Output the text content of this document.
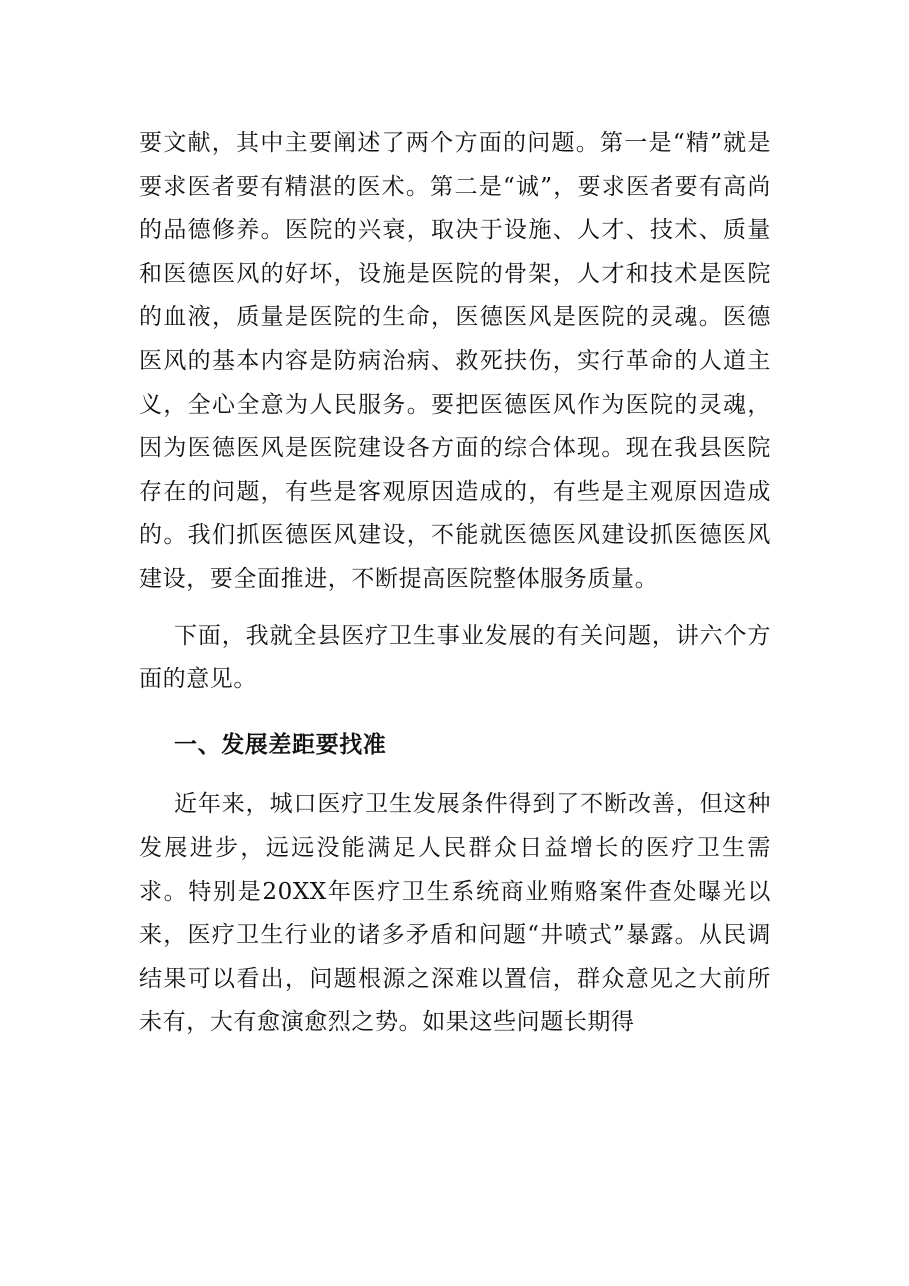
要文献，其中主要阐述了两个方面的问题。第一是“精”就是要求医者要有精湛的医术。第二是“诚”，要求医者要有高尚的品德修养。医院的兴衰，取决于设施、人才、技术、质量和医德医风的好坏，设施是医院的骨架，人才和技术是医院的血液，质量是医院的生命，医德医风是医院的灵魂。医德医风的基本内容是防病治病、救死扶伤，实行革命的人道主义，全心全意为人民服务。要把医德医风作为医院的灵魂，因为医德医风是医院建设各方面的综合体现。现在我县医院存在的问题，有些是客观原因造成的，有些是主观原因造成的。我们抓医德医风建设，不能就医德医风建设抓医德医风建设，要全面推进，不断提高医院整体服务质量。

下面，我就全县医疗卫生事业发展的有关问题，讲六个方面的意见。

一、发展差距要找准

近年来，城口医疗卫生发展条件得到了不断改善，但这种发展进步，远远没能满足人民群众日益增长的医疗卫生需求。特别是20XX年医疗卫生系统商业贿赂案件查处曝光以来，医疗卫生行业的诸多矛盾和问题“井喷式”暴露。从民调结果可以看出，问题根源之深难以置信，群众意见之大前所未有，大有愈演愈烈之势。如果这些问题长期得
